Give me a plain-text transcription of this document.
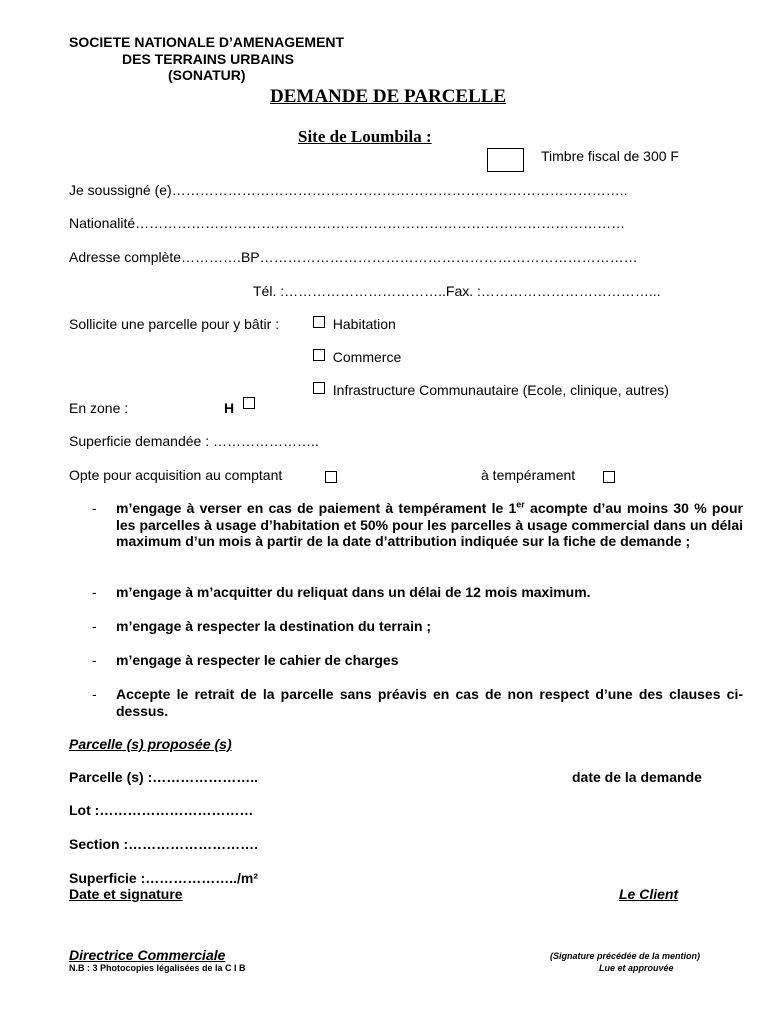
SOCIETE NATIONALE D’AMENAGEMENT
DES TERRAINS URBAINS
(SONATUR)
DEMANDE DE PARCELLE
Site de Loumbila :
Timbre fiscal de 300 F
Je soussigné (e)……………………………………………………………………………………..
Nationalité……………………………………………………………………………………………
Adresse complète………….BP………………………………………………………………………
Tél. :……………………………..Fax. :………………………………...
Sollicite une parcelle pour y bâtir :	Habitation
Commerce
Infrastructure Communautaire (Ecole, clinique, autres)
En zone :	H
Superficie demandée : …………………..
Opte pour acquisition au comptant	à tempérament
- m’engage à verser en cas de paiement à tempérament le 1er acompte d’au moins 30 % pour les parcelles à usage d’habitation et 50% pour les parcelles à usage commercial dans un délai maximum d’un mois à partir de la date d’attribution indiquée sur la fiche de demande ;
- m’engage à m’acquitter du reliquat dans un délai de 12 mois maximum.
- m’engage à respecter la destination du terrain ;
- m’engage à respecter le cahier de charges
- Accepte le retrait de la parcelle sans préavis en cas de non respect d’une des clauses ci-dessus.
Parcelle (s) proposée (s)
Parcelle (s) :…………………..	date de la demande
Lot :……………………………
Section :……………………….
Superficie :………………../m²
Date et signature	Le Client
Directrice Commerciale
N.B : 3 Photocopies légalisées de la C I B
(Signature précédée de la mention)
Lue et approuvée
